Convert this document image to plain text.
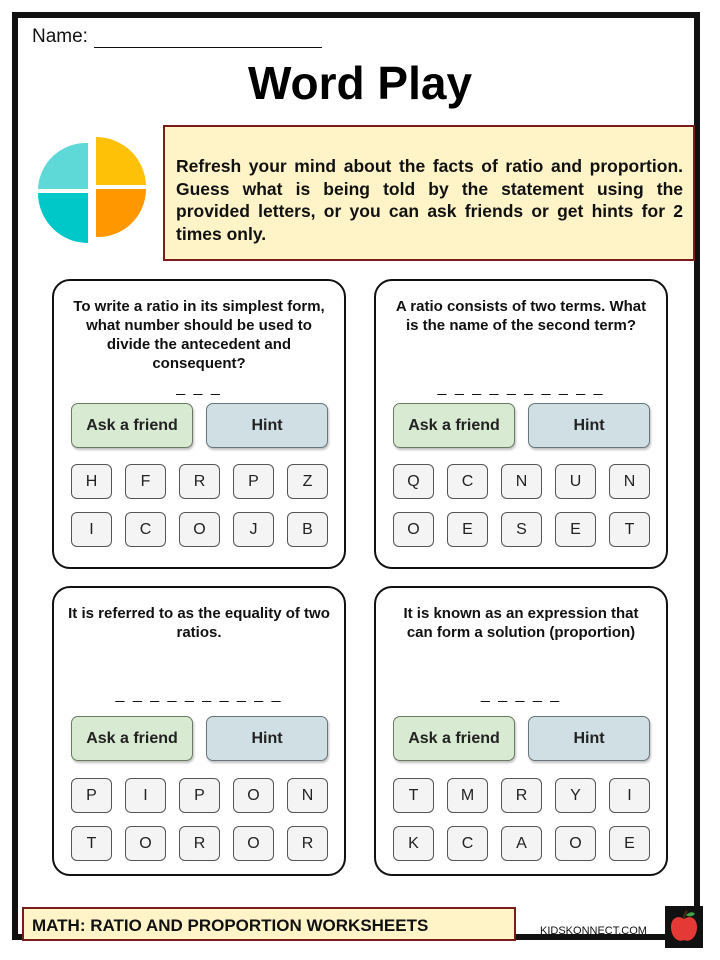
Name:
Word Play
Refresh your mind about the facts of ratio and proportion. Guess what is being told by the statement using the provided letters, or you can ask friends or get hints for 2 times only.
To write a ratio in its simplest form, what number should be used to divide the antecedent and consequent?
_ _ _
Ask a friend	Hint
H	F	R	P	Z
I	C	O	J	B
A ratio consists of two terms. What is the name of the second term?
_ _ _ _ _ _ _ _ _ _
Ask a friend	Hint
Q	C	N	U	N
O	E	S	E	T
It is referred to as the equality of two ratios.
_ _ _ _ _ _ _ _ _ _
Ask a friend	Hint
P	I	P	O	N
T	O	R	O	R
It is known as an expression that can form a solution (proportion)
_ _ _ _ _
Ask a friend	Hint
T	M	R	Y	I
K	C	A	O	E
MATH: RATIO AND PROPORTION WORKSHEETS	KIDSKONNECT.COM
